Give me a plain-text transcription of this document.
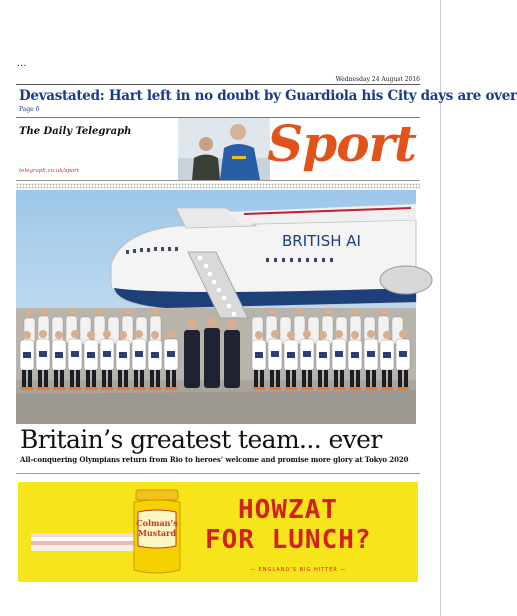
...
Wednesday 24 August 2016
Devastated: Hart left in no doubt by Guardiola his City days are over
Page 6
The Daily Telegraph
telegraph.co.uk/sport	Sport
BRITISH AI
Britain’s greatest team... ever
All-conquering Olympians return from Rio to heroes’ welcome and promise more glory at Tokyo 2020
Colman’s
Mustard
HOWZAT
FOR LUNCH?
— ENGLAND’S BIG HITTER —
